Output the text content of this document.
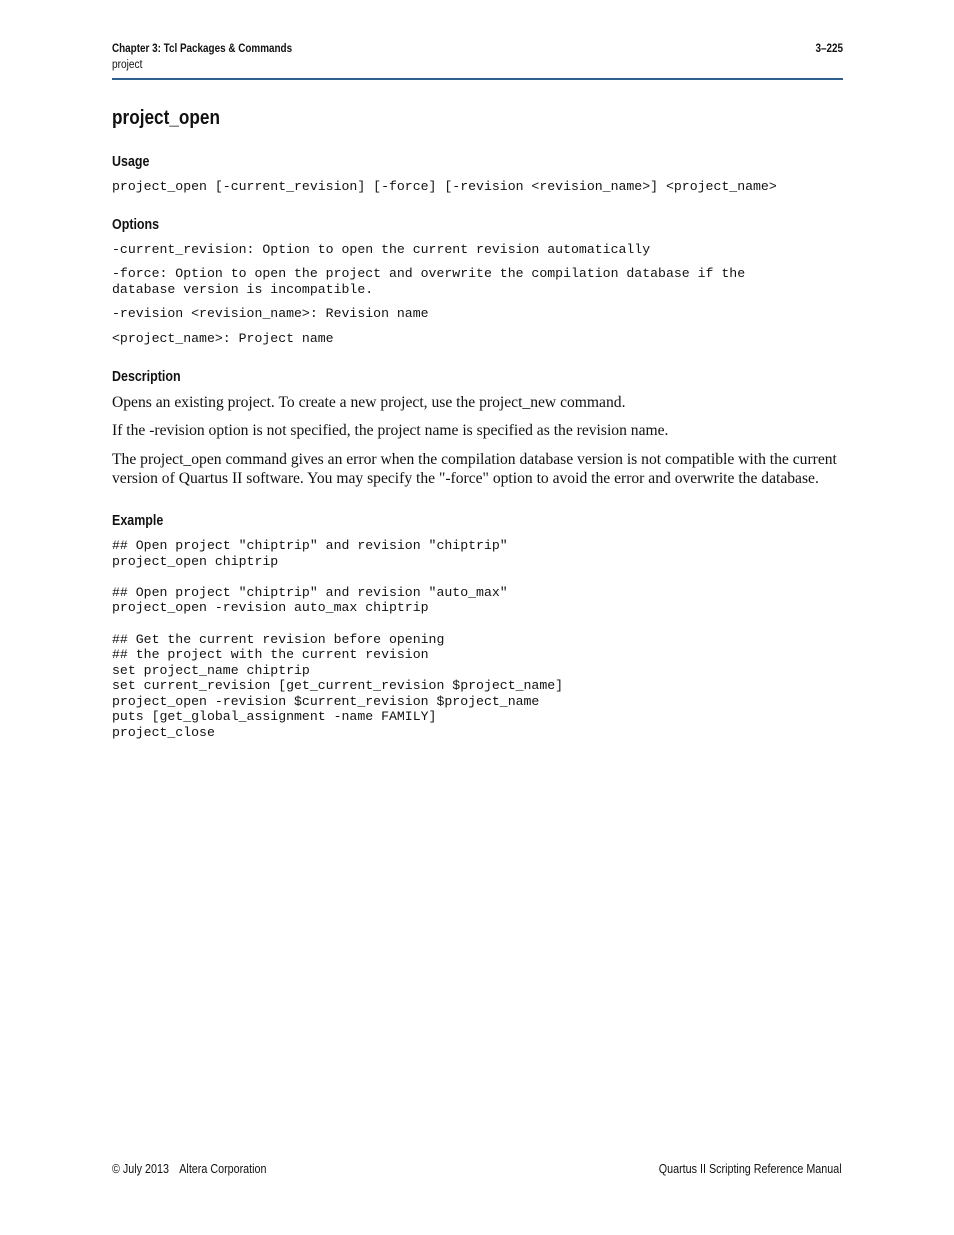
Chapter 3: Tcl Packages & Commands
project
3–225
project_open
Usage
project_open [-current_revision] [-force] [-revision <revision_name>] <project_name>
Options
-current_revision: Option to open the current revision automatically
-force: Option to open the project and overwrite the compilation database if the
database version is incompatible.
-revision <revision_name>: Revision name
<project_name>: Project name
Description

Opens an existing project. To create a new project, use the project_new command.

If the -revision option is not specified, the project name is specified as the revision name.

The project_open command gives an error when the compilation database version is not compatible with the current version of Quartus II software. You may specify the "-force" option to avoid the error and overwrite the database.

Example
## Open project "chiptrip" and revision "chiptrip"
project_open chiptrip
## Open project "chiptrip" and revision "auto_max"
project_open -revision auto_max chiptrip
## Get the current revision before opening
## the project with the current revision
set project_name chiptrip
set current_revision [get_current_revision $project_name]
project_open -revision $current_revision $project_name
puts [get_global_assignment -name FAMILY]
project_close
© July 2013 Altera Corporation	Quartus II Scripting Reference Manual
